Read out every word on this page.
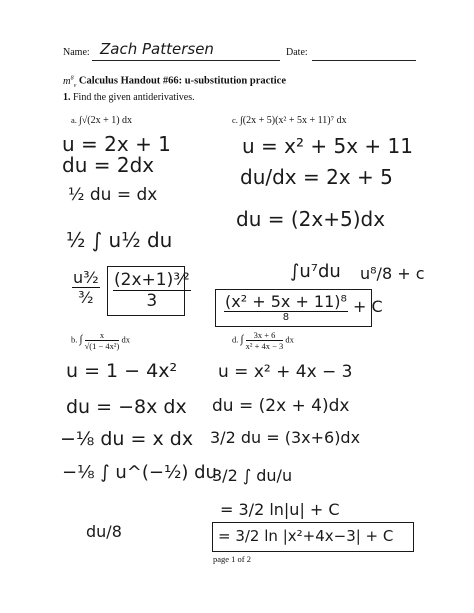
Name: Zach Pattersen	Date:
$m^8_v$ Calculus Handout #66: u-substitution practice
1. Find the given antiderivatives.
a. ∫√(2x + 1) dx	c. ∫(2x + 5)(x² + 5x + 11)⁷ dx
u = 2x + 1
du = 2dx
½ du = dx
½ ∫ u½ du
$\frac{\text{u³⁄₂}}{\text{³⁄₂}} \frac{\text{(2x+1)³⁄²}}{3}$
u = x² + 5x + 11
du/dx = 2x + 5
du = (2x+5)dx
∫u⁷du u⁸/8 + c
$\frac{\text{(x² + 5x + 11)⁸}}{8} + C$
b. ∫ $\frac{x}{\text{√(1 − 4x²)}}$ dx	d. ∫ $\frac{3x + 6}{\text{x² + 4x − 3}}$ dx
u = 1 − 4x²
du = −8x dx
−⅛ du = x dx
−⅛ ∫ u^(−½) du
du/8
u = x² + 4x − 3
du = (2x + 4)dx
3/2 du = (3x+6)dx
3/2 ∫ du/u
= 3/2 ln|u| + C
= 3/2 ln |x²+4x−3| + C
page 1 of 2
